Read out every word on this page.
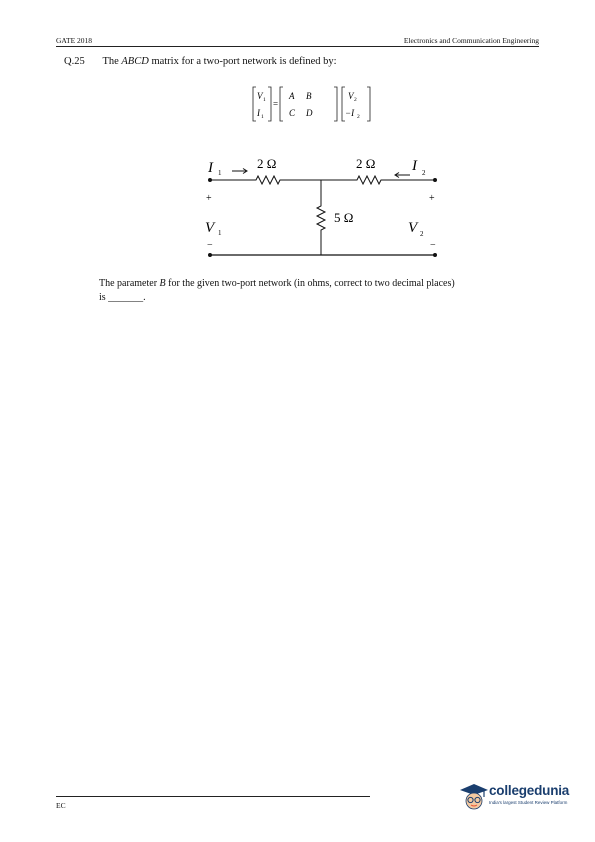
GATE 2018	Electronics and Communication Engineering
Q.25 The ABCD matrix for a two-port network is defined by:
V 1
I 1
=
A B
C D
V 2
−I 2
I 1
2 Ω	2 Ω I 2
5 Ω
+
V 1
−
+
V 2
−
The parameter B for the given two-port network (in ohms, correct to two decimal places)
is _______.
EC
collegedunia
India's largest Student Review Platform
